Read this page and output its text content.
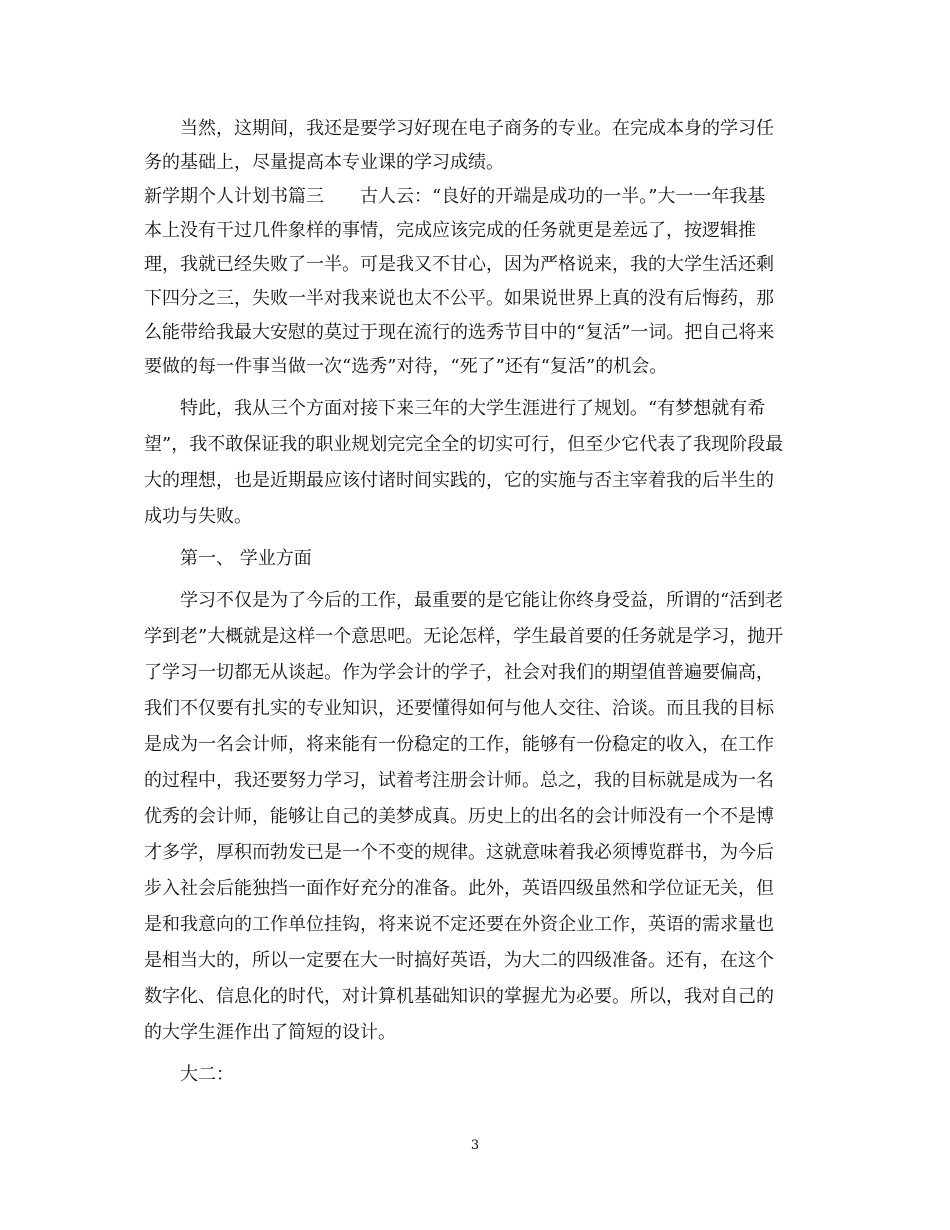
当然，这期间，我还是要学习好现在电子商务的专业。在完成本身的学习任
务的基础上，尽量提高本专业课的学习成绩。
新学期个人计划书篇三　　古人云：“良好的开端是成功的一半。”大一一年我基
本上没有干过几件象样的事情，完成应该完成的任务就更是差远了，按逻辑推
理，我就已经失败了一半。可是我又不甘心，因为严格说来，我的大学生活还剩
下四分之三，失败一半对我来说也太不公平。如果说世界上真的没有后悔药，那
么能带给我最大安慰的莫过于现在流行的选秀节目中的“复活”一词。把自己将来
要做的每一件事当做一次“选秀”对待，“死了”还有“复活”的机会。
特此，我从三个方面对接下来三年的大学生涯进行了规划。“有梦想就有希
望”，我不敢保证我的职业规划完完全全的切实可行，但至少它代表了我现阶段最
大的理想，也是近期最应该付诸时间实践的，它的实施与否主宰着我的后半生的
成功与失败。
第一、 学业方面
学习不仅是为了今后的工作，最重要的是它能让你终身受益，所谓的“活到老
学到老”大概就是这样一个意思吧。无论怎样，学生最首要的任务就是学习，抛开
了学习一切都无从谈起。作为学会计的学子，社会对我们的期望值普遍要偏高，
我们不仅要有扎实的专业知识，还要懂得如何与他人交往、洽谈。而且我的目标
是成为一名会计师，将来能有一份稳定的工作，能够有一份稳定的收入，在工作
的过程中，我还要努力学习，试着考注册会计师。总之，我的目标就是成为一名
优秀的会计师，能够让自己的美梦成真。历史上的出名的会计师没有一个不是博
才多学，厚积而勃发已是一个不变的规律。这就意味着我必须博览群书，为今后
步入社会后能独挡一面作好充分的准备。此外，英语四级虽然和学位证无关，但
是和我意向的工作单位挂钩，将来说不定还要在外资企业工作，英语的需求量也
是相当大的，所以一定要在大一时搞好英语，为大二的四级准备。还有，在这个
数字化、信息化的时代，对计算机基础知识的掌握尤为必要。所以，我对自己的
的大学生涯作出了简短的设计。
大二：
3
